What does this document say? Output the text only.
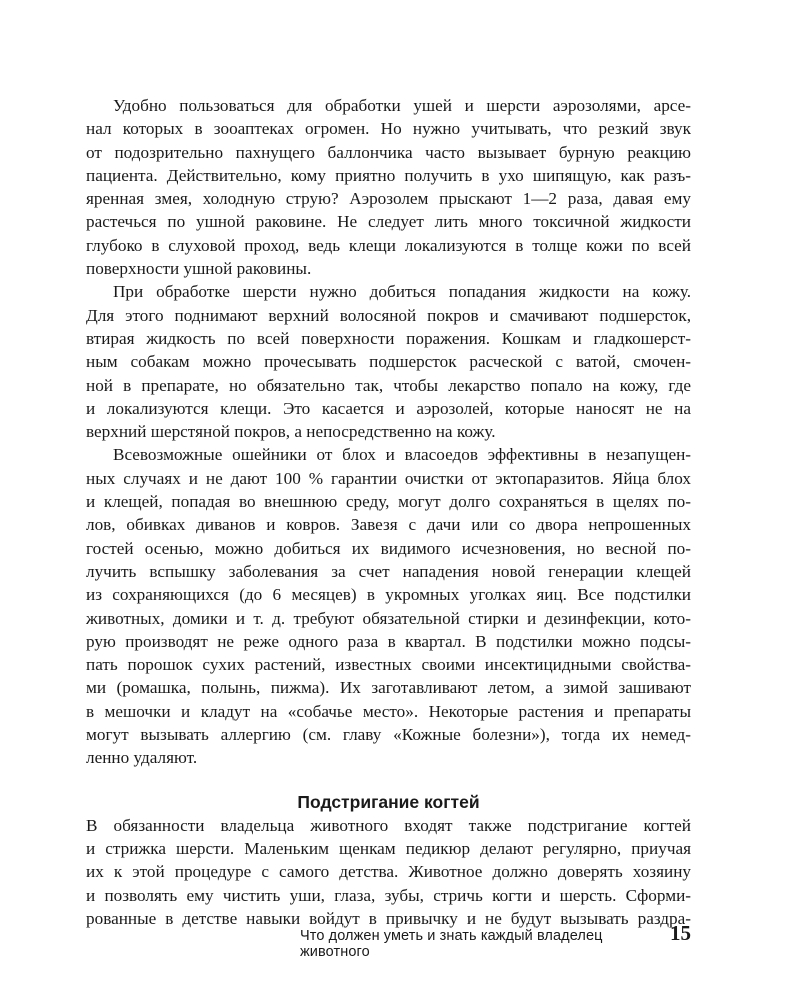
Удобно пользоваться для обработки ушей и шерсти аэрозолями, арсе-
нал которых в зооаптеках огромен. Но нужно учитывать, что резкий звук
от подозрительно пахнущего баллончика часто вызывает бурную реакцию
пациента. Действительно, кому приятно получить в ухо шипящую, как разъ-
яренная змея, холодную струю? Аэрозолем прыскают 1—2 раза, давая ему
растечься по ушной раковине. Не следует лить много токсичной жидкости
глубоко в слуховой проход, ведь клещи локализуются в толще кожи по всей
поверхности ушной раковины.
При обработке шерсти нужно добиться попадания жидкости на кожу.
Для этого поднимают верхний волосяной покров и смачивают подшерсток,
втирая жидкость по всей поверхности поражения. Кошкам и гладкошерст-
ным собакам можно прочесывать подшерсток расческой с ватой, смочен-
ной в препарате, но обязательно так, чтобы лекарство попало на кожу, где
и локализуются клещи. Это касается и аэрозолей, которые наносят не на
верхний шерстяной покров, а непосредственно на кожу.
Всевозможные ошейники от блох и власоедов эффективны в незапущен-
ных случаях и не дают 100 % гарантии очистки от эктопаразитов. Яйца блох
и клещей, попадая во внешнюю среду, могут долго сохраняться в щелях по-
лов, обивках диванов и ковров. Завезя с дачи или со двора непрошенных
гостей осенью, можно добиться их видимого исчезновения, но весной по-
лучить вспышку заболевания за счет нападения новой генерации клещей
из сохраняющихся (до 6 месяцев) в укромных уголках яиц. Все подстилки
животных, домики и т. д. требуют обязательной стирки и дезинфекции, кото-
рую производят не реже одного раза в квартал. В подстилки можно подсы-
пать порошок сухих растений, известных своими инсектицидными свойства-
ми (ромашка, полынь, пижма). Их заготавливают летом, а зимой зашивают
в мешочки и кладут на «собачье место». Некоторые растения и препараты
могут вызывать аллергию (см. главу «Кожные болезни»), тогда их немед-
ленно удаляют.
Подстригание когтей
В обязанности владельца животного входят также подстригание когтей
и стрижка шерсти. Маленьким щенкам педикюр делают регулярно, приучая
их к этой процедуре с самого детства. Животное должно доверять хозяину
и позволять ему чистить уши, глаза, зубы, стричь когти и шерсть. Сформи-
рованные в детстве навыки войдут в привычку и не будут вызывать раздра-
Что должен уметь и знать каждый владелец животного
15
